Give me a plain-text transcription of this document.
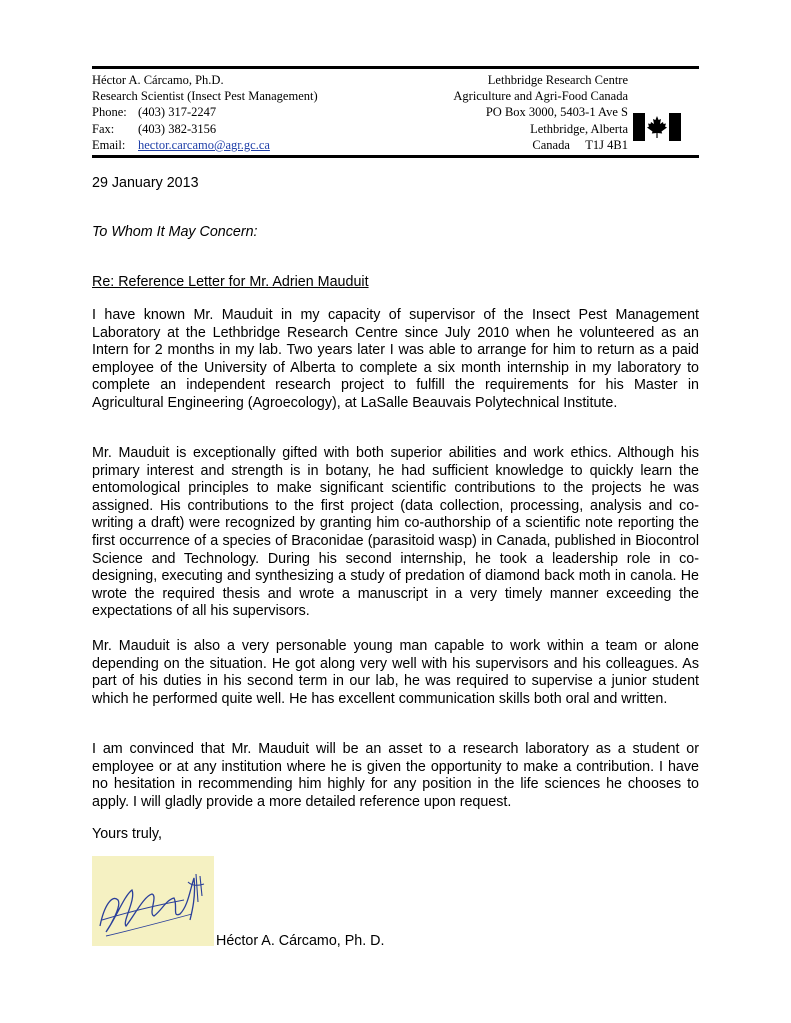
Héctor A. Cárcamo, Ph.D.
Research Scientist (Insect Pest Management)
Phone: (403) 317-2247
Fax: (403) 382-3156
Email: hector.carcamo@agr.gc.ca
Lethbridge Research Centre
Agriculture and Agri-Food Canada
PO Box 3000, 5403-1 Ave S
Lethbridge, Alberta
Canada     T1J 4B1
29 January 2013
To Whom It May Concern:
Re: Reference Letter for Mr. Adrien Mauduit
I have known Mr. Mauduit in my capacity of supervisor of the Insect Pest Management Laboratory at the Lethbridge Research Centre since July 2010 when he volunteered as an Intern for 2 months in my lab. Two years later I was able to arrange for him to return as a paid employee of the University of Alberta to complete a six month internship in my laboratory to complete an independent research project to fulfill the requirements for his Master in Agricultural Engineering (Agroecology), at LaSalle Beauvais Polytechnical Institute.
Mr. Mauduit is exceptionally gifted with both superior abilities and work ethics. Although his primary interest and strength is in botany, he had sufficient knowledge to quickly learn the entomological principles to make significant scientific contributions to the projects he was assigned. His contributions to the first project (data collection, processing, analysis and co-writing a draft) were recognized by granting him co-authorship of a scientific note reporting the first occurrence of a species of Braconidae (parasitoid wasp) in Canada, published in Biocontrol Science and Technology. During his second internship, he took a leadership role in co-designing, executing and synthesizing a study of predation of diamond back moth in canola. He wrote the required thesis and wrote a manuscript in a very timely manner exceeding the expectations of all his supervisors.
Mr. Mauduit is also a very personable young man capable to work within a team or alone depending on the situation. He got along very well with his supervisors and his colleagues. As part of his duties in his second term in our lab, he was required to supervise a junior student which he performed quite well. He has excellent communication skills both oral and written.
I am convinced that Mr. Mauduit will be an asset to a research laboratory as a student or employee or at any institution where he is given the opportunity to make a contribution. I have no hesitation in recommending him highly for any position in the life sciences he chooses to apply. I will gladly provide a more detailed reference upon request.
Yours truly,
Héctor A. Cárcamo, Ph. D.
